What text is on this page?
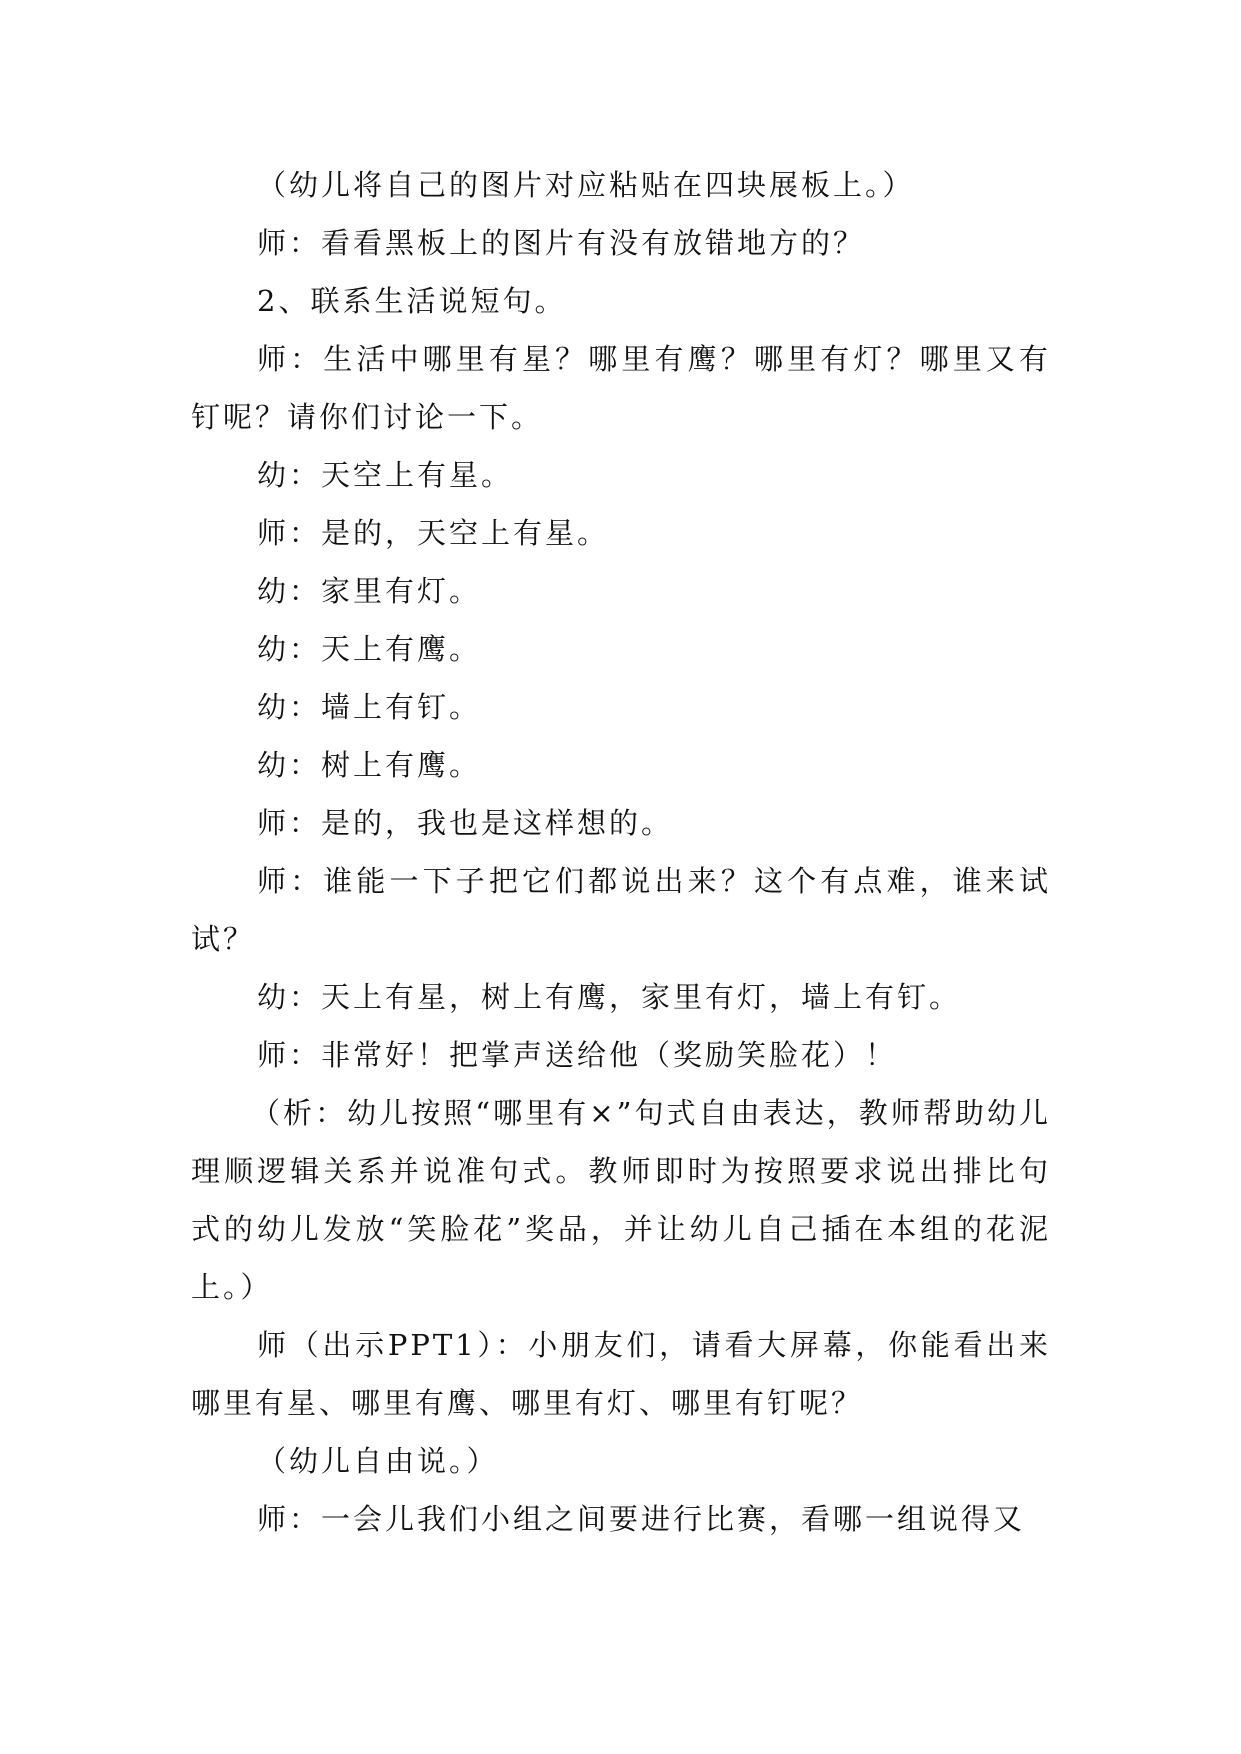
（幼儿将自己的图片对应粘贴在四块展板上。）

师：看看黑板上的图片有没有放错地方的？

2、联系生活说短句。

师：生活中哪里有星？哪里有鹰？哪里有灯？哪里又有钉呢？请你们讨论一下。

幼：天空上有星。

师：是的，天空上有星。

幼：家里有灯。

幼：天上有鹰。

幼：墙上有钉。

幼：树上有鹰。

师：是的，我也是这样想的。

师：谁能一下子把它们都说出来？这个有点难，谁来试试？

幼：天上有星，树上有鹰，家里有灯，墙上有钉。

师：非常好！把掌声送给他（奖励笑脸花）！

（析：幼儿按照“哪里有×”句式自由表达，教师帮助幼儿理顺逻辑关系并说准句式。教师即时为按照要求说出排比句式的幼儿发放“笑脸花”奖品，并让幼儿自己插在本组的花泥上。）

师（出示PPT1）：小朋友们，请看大屏幕，你能看出来哪里有星、哪里有鹰、哪里有灯、哪里有钉呢？

（幼儿自由说。）

师：一会儿我们小组之间要进行比赛，看哪一组说得又
